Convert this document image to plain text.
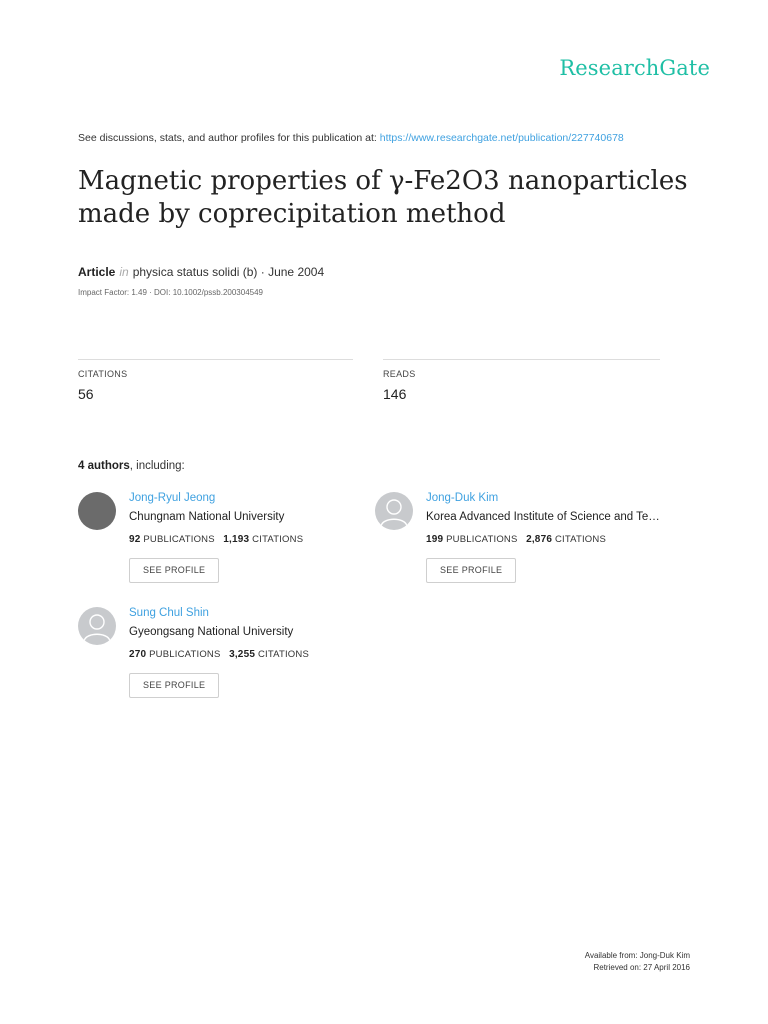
ResearchGate
See discussions, stats, and author profiles for this publication at: https://www.researchgate.net/publication/227740678
Magnetic properties of γ-Fe2O3 nanoparticles made by coprecipitation method
Article in physica status solidi (b) · June 2004
Impact Factor: 1.49 · DOI: 10.1002/pssb.200304549
CITATIONS
56
READS
146
4 authors, including:
Jong-Ryul Jeong
Chungnam National University
92 PUBLICATIONS 1,193 CITATIONS
SEE PROFILE
Jong-Duk Kim
Korea Advanced Institute of Science and Te…
199 PUBLICATIONS 2,876 CITATIONS
SEE PROFILE
Sung Chul Shin
Gyeongsang National University
270 PUBLICATIONS 3,255 CITATIONS
SEE PROFILE
Available from: Jong-Duk Kim
Retrieved on: 27 April 2016
